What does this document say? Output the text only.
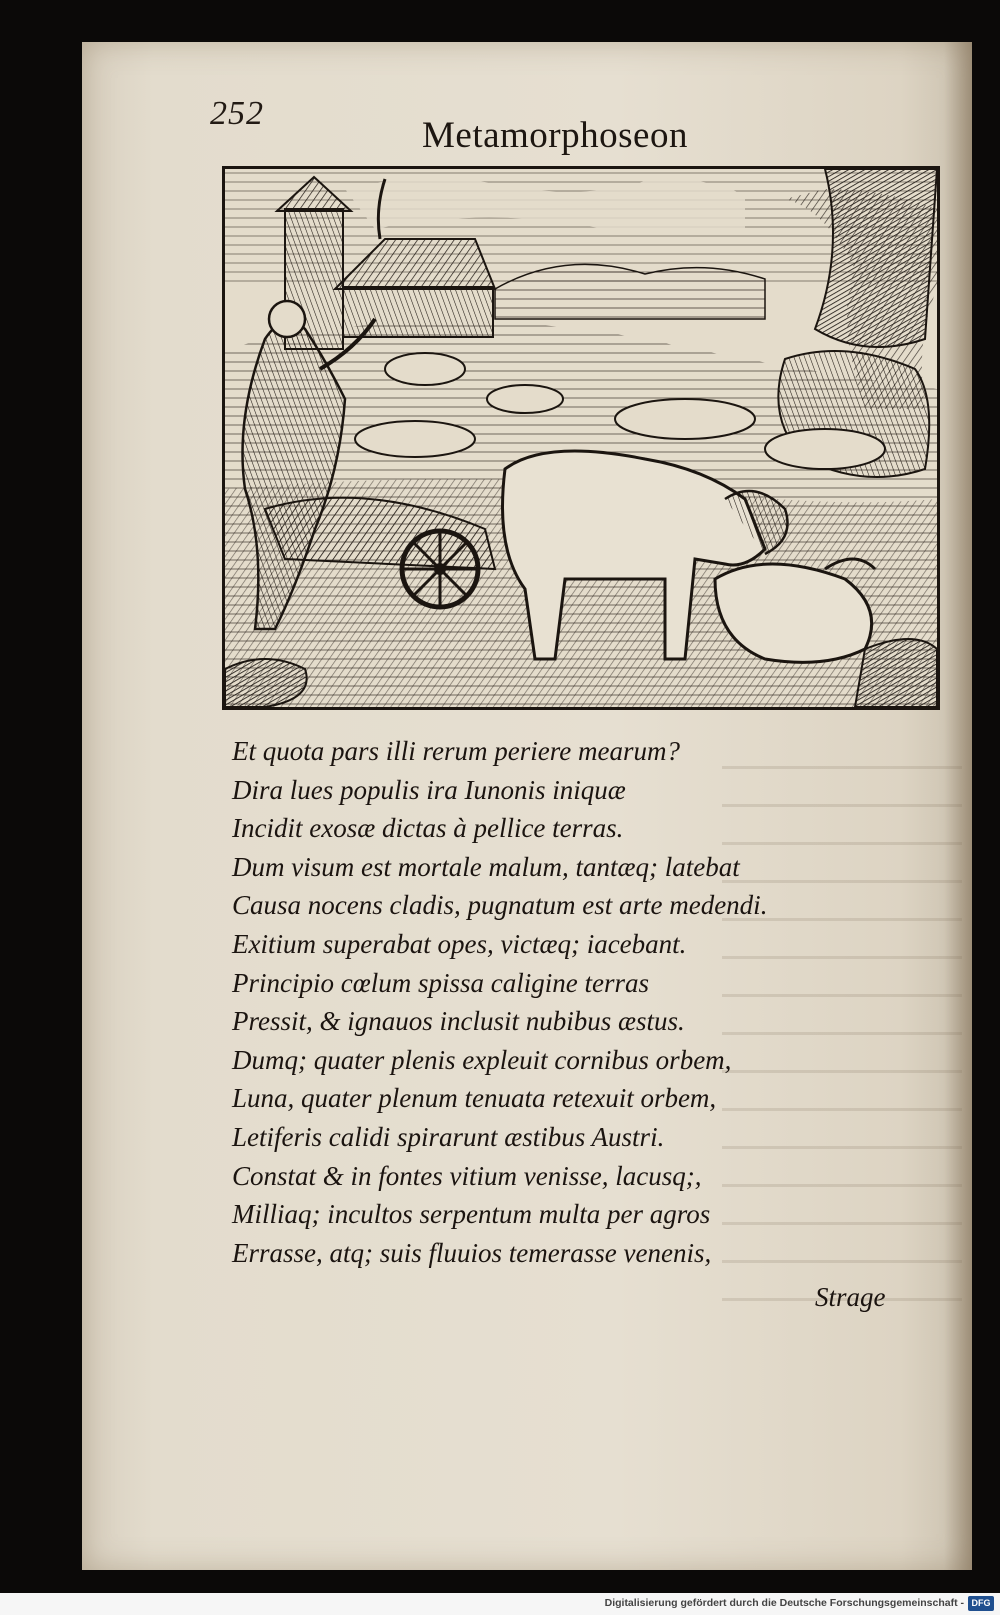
252
Metamorphoseon
Et quota pars illi rerum periere mearum?
Dira lues populis ira Iunonis iniquæ
Incidit exosæ dictas à pellice terras.
Dum visum est mortale malum, tantæq; latebat
Causa nocens cladis, pugnatum est arte medendi.
Exitium superabat opes, victæq; iacebant.
Principio cœlum spissa caligine terras
Pressit, & ignauos inclusit nubibus æstus.
Dumq; quater plenis expleuit cornibus orbem,
Luna, quater plenum tenuata retexuit orbem,
Letiferis calidi spirarunt æstibus Austri.
Constat & in fontes vitium venisse, lacusq;,
Milliaq; incultos serpentum multa per agros
Errasse, atq; suis fluuios temerasse venenis,
Strage
Digitalisierung gefördert durch die Deutsche Forschungsgemeinschaft - DFG
